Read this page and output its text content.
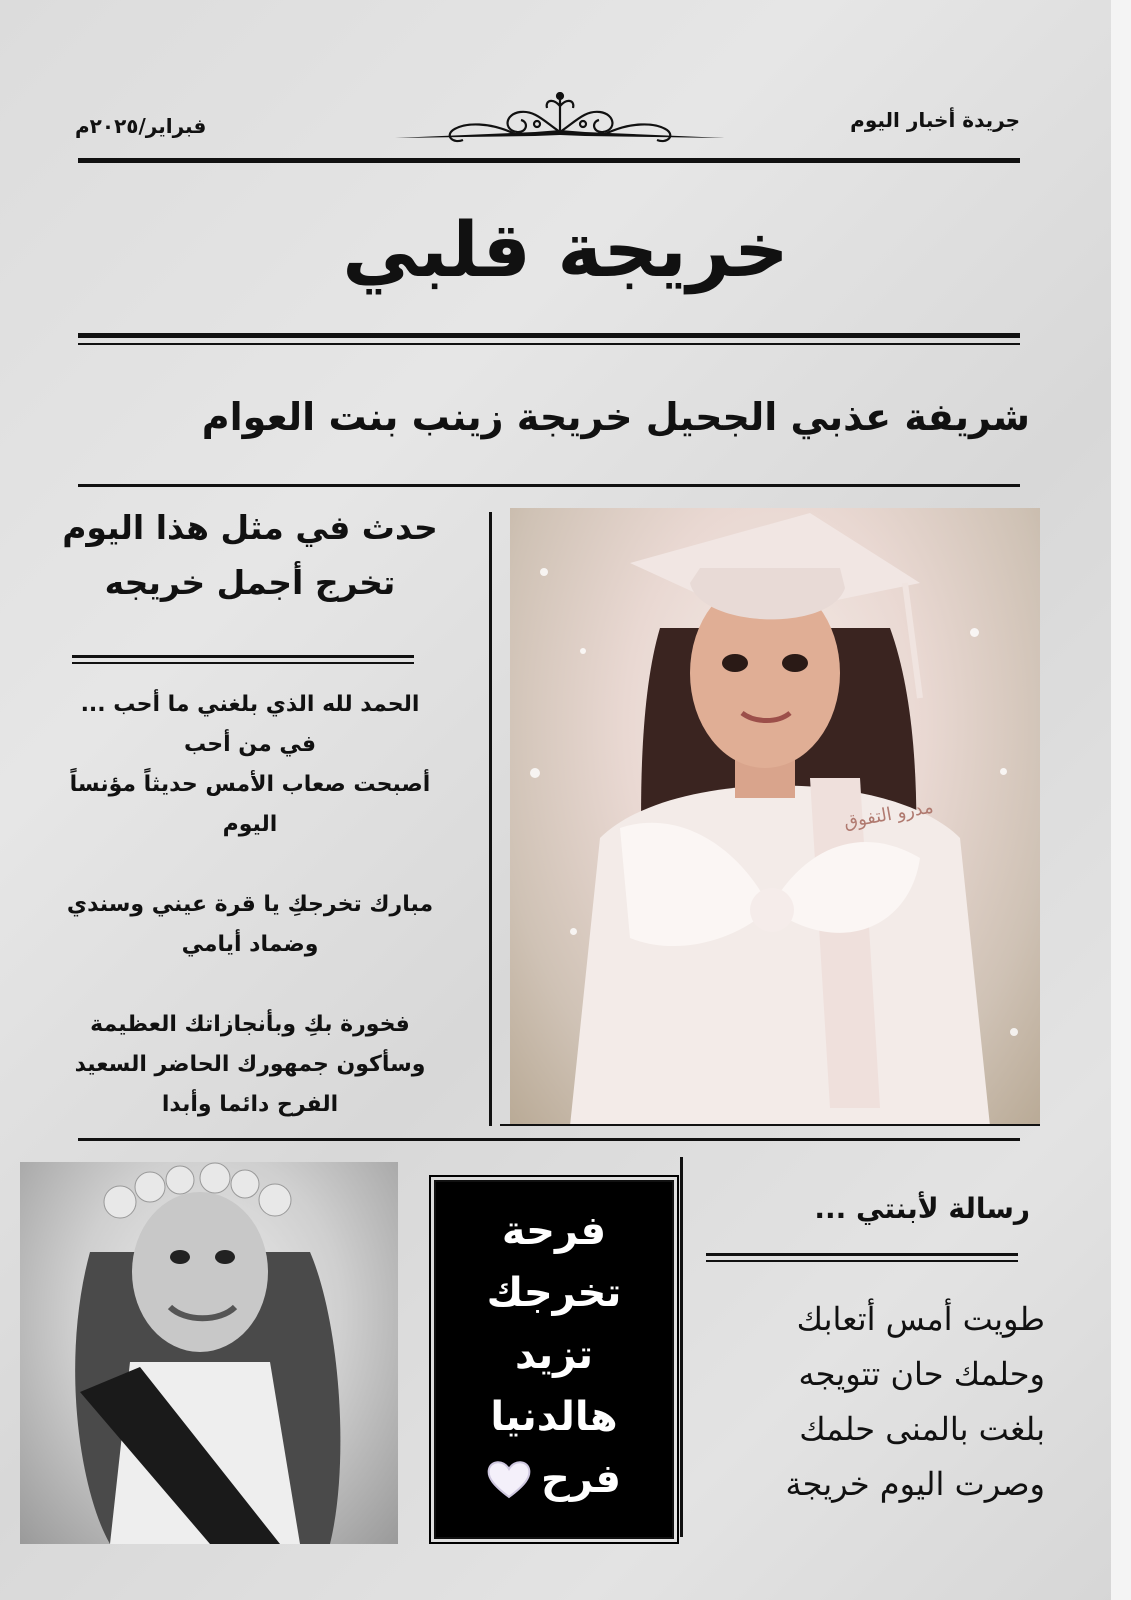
جريدة أخبار اليوم
فبراير/٢٠٢٥م
خريجة قلبي
شريفة عذبي الجحيل خريجة زينب بنت العوام
حدث في مثل هذا اليوم تخرج أجمل خريجه

الحمد لله الذي بلغني ما أحب ...

في من أحب

أصبحت صعاب الأمس حديثاً مؤنساً

اليوم

مبارك تخرجكِ يا قرة عيني وسندي

وضماد أيامي

فخورة بكِ وبأنجازاتك العظيمة

وسأكون جمهورك الحاضر السعيد

الفرح دائما وأبدا

مدرو التفوق
فرحة
تخرجك
تزيد
هالدنيا
فرح
رسالة لأبنتي ...
طويت أمس أتعابك
وحلمك حان تتويجه
بلغت بالمنى حلمك
وصرت اليوم خريجة
